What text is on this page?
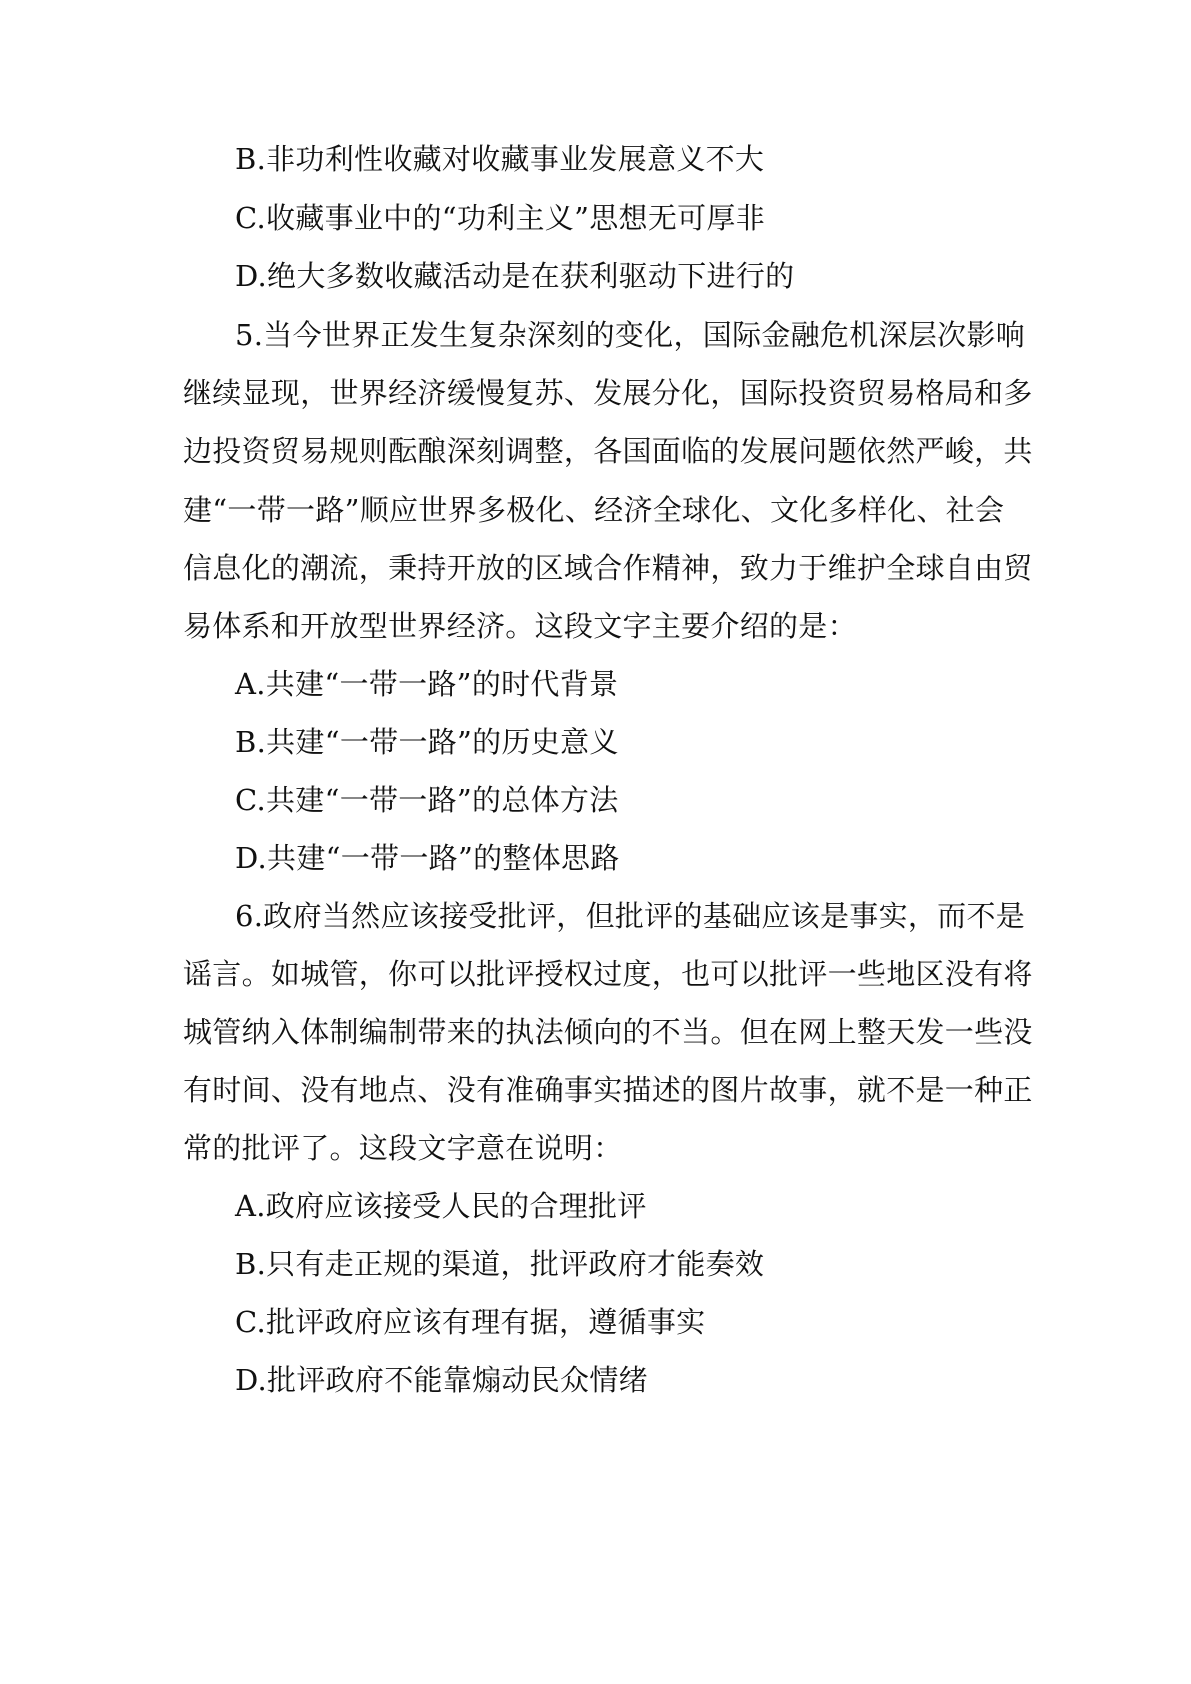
B.非功利性收藏对收藏事业发展意义不大
C.收藏事业中的“功利主义”思想无可厚非
D.绝大多数收藏活动是在获利驱动下进行的
5.当今世界正发生复杂深刻的变化，国际金融危机深层次影响
继续显现，世界经济缓慢复苏、发展分化，国际投资贸易格局和多
边投资贸易规则酝酿深刻调整，各国面临的发展问题依然严峻，共
建“一带一路”顺应世界多极化、经济全球化、文化多样化、社会
信息化的潮流，秉持开放的区域合作精神，致力于维护全球自由贸
易体系和开放型世界经济。这段文字主要介绍的是：
A.共建“一带一路”的时代背景
B.共建“一带一路”的历史意义
C.共建“一带一路”的总体方法
D.共建“一带一路”的整体思路
6.政府当然应该接受批评，但批评的基础应该是事实，而不是
谣言。如城管，你可以批评授权过度，也可以批评一些地区没有将
城管纳入体制编制带来的执法倾向的不当。但在网上整天发一些没
有时间、没有地点、没有准确事实描述的图片故事，就不是一种正
常的批评了。这段文字意在说明：
A.政府应该接受人民的合理批评
B.只有走正规的渠道，批评政府才能奏效
C.批评政府应该有理有据，遵循事实
D.批评政府不能靠煽动民众情绪
